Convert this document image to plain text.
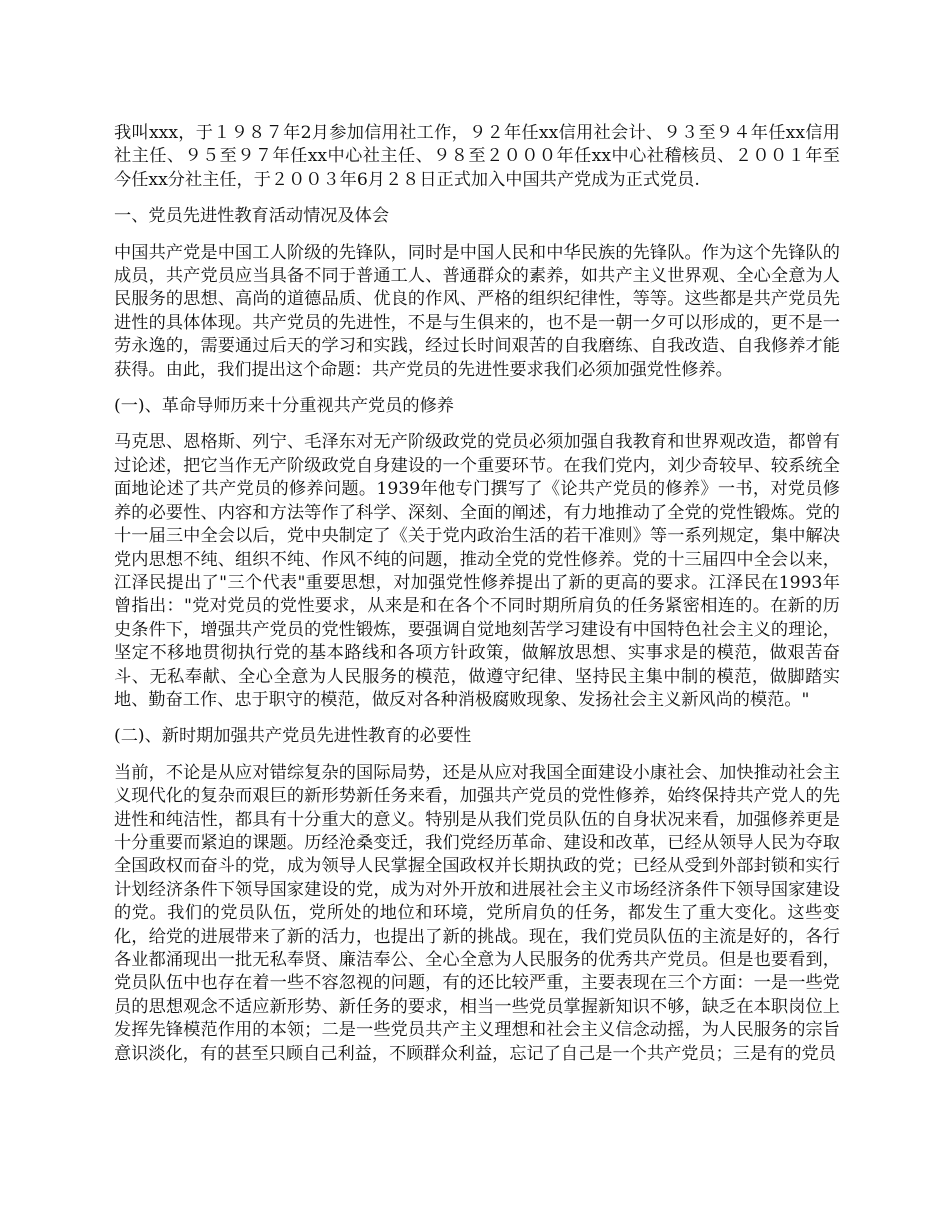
我叫xxx，于１９８７年2月参加信用社工作，９２年任xx信用社会计、９３至９４年任xx信用社主任、９５至９７年任xx中心社主任、９８至２０００年任xx中心社稽核员、２００１年至今任xx分社主任，于２００３年6月２８日正式加入中国共产党成为正式党员.

一、党员先进性教育活动情况及体会

中国共产党是中国工人阶级的先锋队，同时是中国人民和中华民族的先锋队。作为这个先锋队的成员，共产党员应当具备不同于普通工人、普通群众的素养，如共产主义世界观、全心全意为人民服务的思想、高尚的道德品质、优良的作风、严格的组织纪律性，等等。这些都是共产党员先进性的具体体现。共产党员的先进性，不是与生俱来的，也不是一朝一夕可以形成的，更不是一劳永逸的，需要通过后天的学习和实践，经过长时间艰苦的自我磨练、自我改造、自我修养才能获得。由此，我们提出这个命题：共产党员的先进性要求我们必须加强党性修养。

(一)、革命导师历来十分重视共产党员的修养

马克思、恩格斯、列宁、毛泽东对无产阶级政党的党员必须加强自我教育和世界观改造，都曾有过论述，把它当作无产阶级政党自身建设的一个重要环节。在我们党内，刘少奇较早、较系统全面地论述了共产党员的修养问题。1939年他专门撰写了《论共产党员的修养》一书，对党员修养的必要性、内容和方法等作了科学、深刻、全面的阐述，有力地推动了全党的党性锻炼。党的十一届三中全会以后，党中央制定了《关于党内政治生活的若干准则》等一系列规定，集中解决党内思想不纯、组织不纯、作风不纯的问题，推动全党的党性修养。党的十三届四中全会以来，江泽民提出了"三个代表"重要思想，对加强党性修养提出了新的更高的要求。江泽民在1993年曾指出："党对党员的党性要求，从来是和在各个不同时期所肩负的任务紧密相连的。在新的历史条件下，增强共产党员的党性锻炼，要强调自觉地刻苦学习建设有中国特色社会主义的理论，坚定不移地贯彻执行党的基本路线和各项方针政策，做解放思想、实事求是的模范，做艰苦奋斗、无私奉献、全心全意为人民服务的模范，做遵守纪律、坚持民主集中制的模范，做脚踏实地、勤奋工作、忠于职守的模范，做反对各种消极腐败现象、发扬社会主义新风尚的模范。"

(二)、新时期加强共产党员先进性教育的必要性

当前，不论是从应对错综复杂的国际局势，还是从应对我国全面建设小康社会、加快推动社会主义现代化的复杂而艰巨的新形势新任务来看，加强共产党员的党性修养，始终保持共产党人的先进性和纯洁性，都具有十分重大的意义。特别是从我们党员队伍的自身状况来看，加强修养更是十分重要而紧迫的课题。历经沧桑变迁，我们党经历革命、建设和改革，已经从领导人民为夺取全国政权而奋斗的党，成为领导人民掌握全国政权并长期执政的党；已经从受到外部封锁和实行计划经济条件下领导国家建设的党，成为对外开放和进展社会主义市场经济条件下领导国家建设的党。我们的党员队伍，党所处的地位和环境，党所肩负的任务，都发生了重大变化。这些变化，给党的进展带来了新的活力，也提出了新的挑战。现在，我们党员队伍的主流是好的，各行各业都涌现出一批无私奉贤、廉洁奉公、全心全意为人民服务的优秀共产党员。但是也要看到，党员队伍中也存在着一些不容忽视的问题，有的还比较严重，主要表现在三个方面：一是一些党员的思想观念不适应新形势、新任务的要求，相当一些党员掌握新知识不够，缺乏在本职岗位上发挥先锋模范作用的本领；二是一些党员共产主义理想和社会主义信念动摇，为人民服务的宗旨意识淡化，有的甚至只顾自己利益，不顾群众利益，忘记了自己是一个共产党员；三是有的党员
